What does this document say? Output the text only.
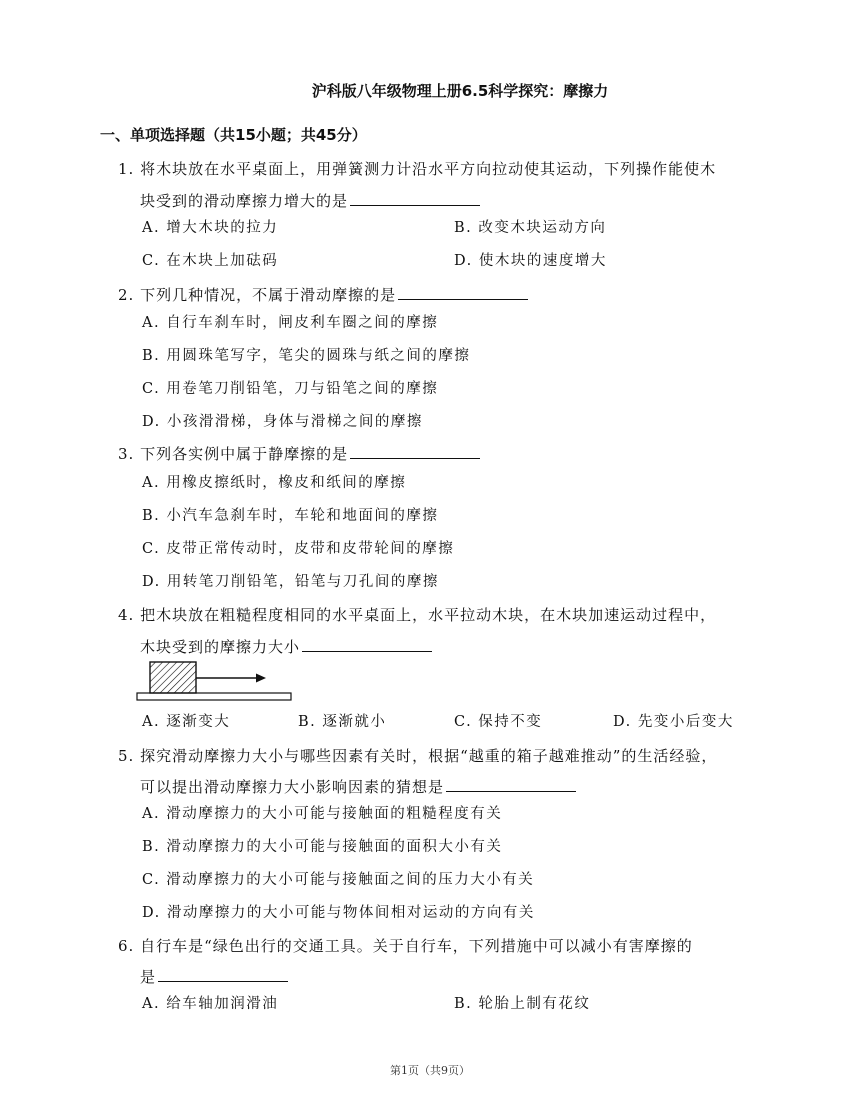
沪科版八年级物理上册6.5科学探究：摩擦力
一、单项选择题（共15小题；共45分）
1. 将木块放在水平桌面上，用弹簧测力计沿水平方向拉动使其运动，下列操作能使木
块受到的滑动摩擦力增大的是
A. 增大木块的拉力	B. 改变木块运动方向
C. 在木块上加砝码	D. 使木块的速度增大
2. 下列几种情况，不属于滑动摩擦的是
A. 自行车刹车时，闸皮利车圈之间的摩擦
B. 用圆珠笔写字，笔尖的圆珠与纸之间的摩擦
C. 用卷笔刀削铅笔，刀与铅笔之间的摩擦
D. 小孩滑滑梯，身体与滑梯之间的摩擦
3. 下列各实例中属于静摩擦的是
A. 用橡皮擦纸时，橡皮和纸间的摩擦
B. 小汽车急刹车时，车轮和地面间的摩擦
C. 皮带正常传动时，皮带和皮带轮间的摩擦
D. 用转笔刀削铅笔，铅笔与刀孔间的摩擦
4. 把木块放在粗糙程度相同的水平桌面上，水平拉动木块，在木块加速运动过程中，
木块受到的摩擦力大小
A. 逐渐变大	B. 逐渐就小	C. 保持不变	D. 先变小后变大
5. 探究滑动摩擦力大小与哪些因素有关时，根据“越重的箱子越难推动”的生活经验，
可以提出滑动摩擦力大小影响因素的猜想是
A. 滑动摩擦力的大小可能与接触面的粗糙程度有关
B. 滑动摩擦力的大小可能与接触面的面积大小有关
C. 滑动摩擦力的大小可能与接触面之间的压力大小有关
D. 滑动摩擦力的大小可能与物体间相对运动的方向有关
6. 自行车是“绿色出行的交通工具。关于自行车，下列措施中可以减小有害摩擦的
是
A. 给车轴加润滑油	B. 轮胎上制有花纹
第1页（共9页）
